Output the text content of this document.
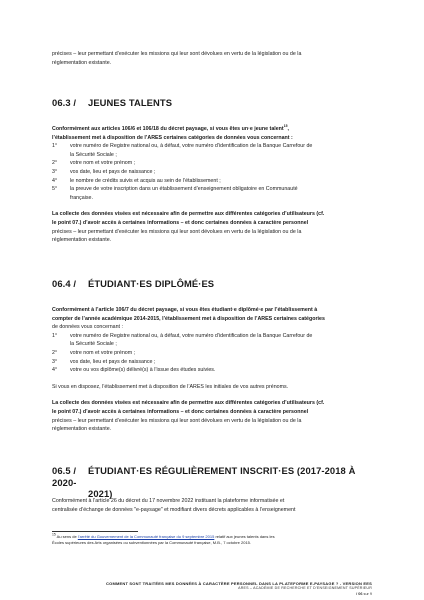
précises – leur permettant d’exécuter les missions qui leur sont dévolues en vertu de la législation ou de la

réglementation existante.

06.3 / JEUNES TALENTS

Conformément aux articles 106/6 et 106/18 du décret paysage, si vous êtes un·e jeune talent$^{15}$,

l’établissement met à disposition de l’ARES certaines catégories de données vous concernant :

1° votre numéro de Registre national ou, à défaut, votre numéro d’identification de la Banque Carrefour de
la Sécurité Sociale ;
2° votre nom et votre prénom ;
3° vos date, lieu et pays de naissance ;
4° le nombre de crédits suivis et acquis au sein de l’établissement ;
5° la preuve de votre inscription dans un établissement d’enseignement obligatoire en Communauté
française.

La collecte des données visées est nécessaire afin de permettre aux différentes catégories d’utilisateurs (cf.

le point 07.) d’avoir accès à certaines informations – et donc certaines données à caractère personnel

précises – leur permettant d’exécuter les missions qui leur sont dévolues en vertu de la législation ou de la

réglementation existante.

06.4 / ÉTUDIANT·ES DIPLÔMÉ·ES

Conformément à l’article 106/7 du décret paysage, si vous êtes étudiant·e diplômé·e par l’établissement à

compter de l’année académique 2014-2015, l’établissement met à disposition de l’ARES certaines catégories

de données vous concernant :

1° votre numéro de Registre national ou, à défaut, votre numéro d’identification de la Banque Carrefour de
la Sécurité Sociale ;
2° votre nom et votre prénom ;
3° vos date, lieu et pays de naissance ;
4° votre ou vos diplôme(s) délivré(s) à l’issue des études suivies.

Si vous en disposez, l’établissement met à disposition de l’ARES les initiales de vos autres prénoms.

La collecte des données visées est nécessaire afin de permettre aux différentes catégories d’utilisateurs (cf.

le point 07.) d’avoir accès à certaines informations – et donc certaines données à caractère personnel

précises – leur permettant d’exécuter les missions qui leur sont dévolues en vertu de la législation ou de la

réglementation existante.

06.5 / ÉTUDIANT·ES RÉGULIÈREMENT INSCRIT·ES (2017-2018 À 2020-
2021)

Conformément à l’article 26 du décret du 17 novembre 2022 instituant la plateforme informatisée et

centralisée d’échange de données "e-paysage" et modifiant divers décrets applicables à l’enseignement

$^{15}$ Au sens de l’arrêté du Gouvernement de la Communauté française du 9 septembre 2015 relatif aux jeunes talents dans les
Écoles supérieures des Arts organisées ou subventionnées par la Communauté française, M.B., 7 octobre 2015.
COMMENT SONT TRAITÉES MES DONNÉES À CARACTÈRE PERSONNEL DANS LA PLATEFORME E-PAYSAGE ? - VERSION EES
ARES – ACADÉMIE DE RECHERCHE ET D’ENSEIGNEMENT SUPÉRIEUR
/ 06 sur 9
